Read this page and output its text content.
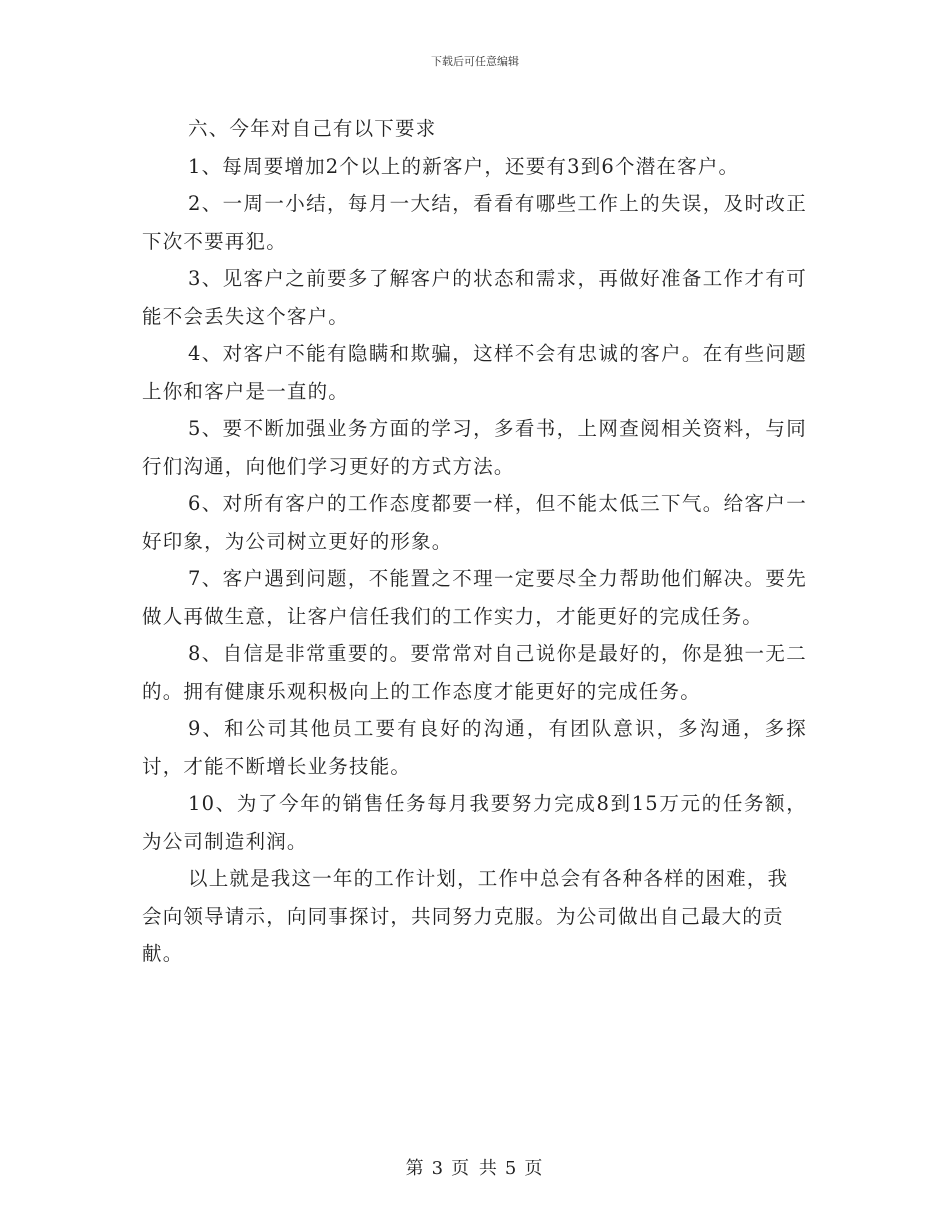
下载后可任意编辑

六、今年对自己有以下要求

1、每周要增加2个以上的新客户，还要有3到6个潜在客户。

2、一周一小结，每月一大结，看看有哪些工作上的失误，及时改正下次不要再犯。

3、见客户之前要多了解客户的状态和需求，再做好准备工作才有可能不会丢失这个客户。

4、对客户不能有隐瞒和欺骗，这样不会有忠诚的客户。在有些问题上你和客户是一直的。

5、要不断加强业务方面的学习，多看书，上网查阅相关资料，与同行们沟通，向他们学习更好的方式方法。

6、对所有客户的工作态度都要一样，但不能太低三下气。给客户一好印象，为公司树立更好的形象。

7、客户遇到问题，不能置之不理一定要尽全力帮助他们解决。要先做人再做生意，让客户信任我们的工作实力，才能更好的完成任务。

8、自信是非常重要的。要常常对自己说你是最好的，你是独一无二的。拥有健康乐观积极向上的工作态度才能更好的完成任务。

9、和公司其他员工要有良好的沟通，有团队意识，多沟通，多探讨，才能不断增长业务技能。

10、为了今年的销售任务每月我要努力完成8到15万元的任务额，为公司制造利润。

以上就是我这一年的工作计划，工作中总会有各种各样的困难，我会向领导请示，向同事探讨，共同努力克服。为公司做出自己最大的贡献。

第 3 页 共 5 页
